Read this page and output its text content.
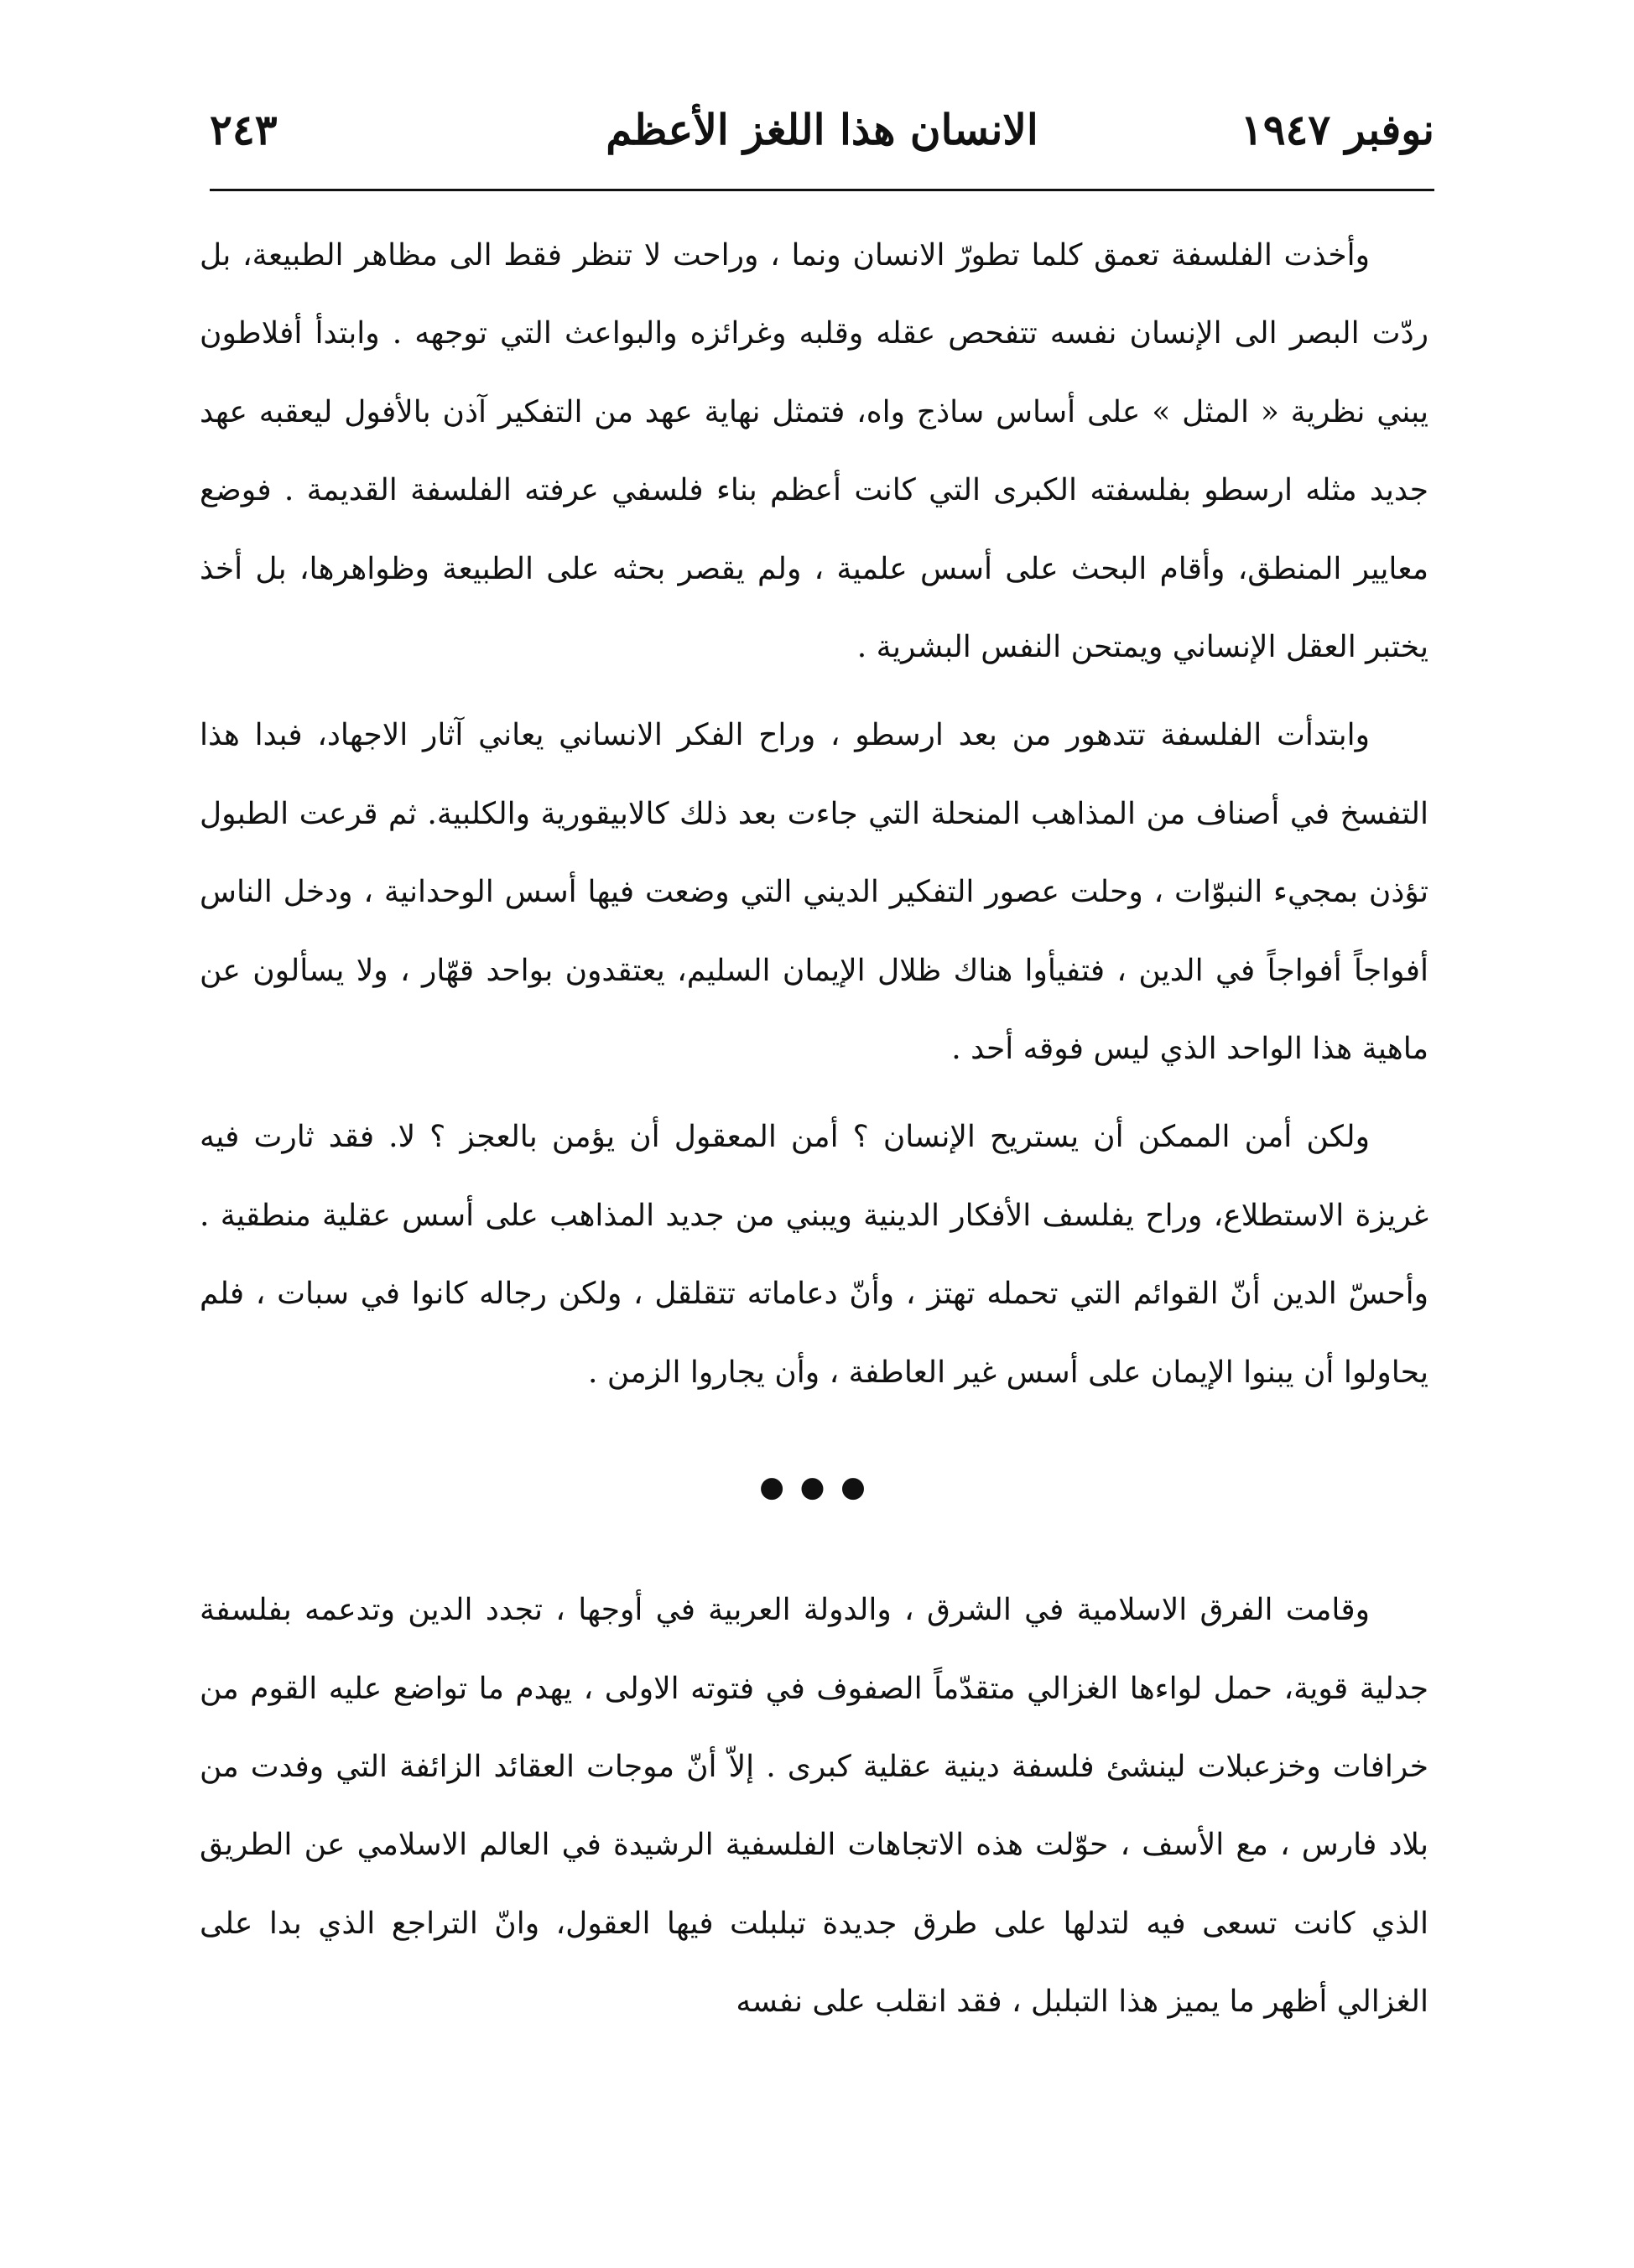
نوفبر ١٩٤٧
الانسان هذا اللغز الأعظم
٢٤٣

وأخذت الفلسفة تعمق كلما تطورّ الانسان ونما ، وراحت لا تنظر فقط الى مظاهر الطبيعة، بل ردّت البصر الى الإنسان نفسه تتفحص عقله وقلبه وغرائزه والبواعث التي توجهه . وابتدأ أفلاطون يبني نظرية « المثل » على أساس ساذج واه، فتمثل نهاية عهد من التفكير آذن بالأفول ليعقبه عهد جديد مثله ارسطو بفلسفته الكبرى التي كانت أعظم بناء فلسفي عرفته الفلسفة القديمة . فوضع معايير المنطق، وأقام البحث على أسس علمية ، ولم يقصر بحثه على الطبيعة وظواهرها، بل أخذ يختبر العقل الإنساني ويمتحن النفس البشرية .

وابتدأت الفلسفة تتدهور من بعد ارسطو ، وراح الفكر الانساني يعاني آثار الاجهاد، فبدا هذا التفسخ في أصناف من المذاهب المنحلة التي جاءت بعد ذلك كالابيقورية والكلبية. ثم قرعت الطبول تؤذن بمجيء النبوّات ، وحلت عصور التفكير الديني التي وضعت فيها أسس الوحدانية ، ودخل الناس أفواجاً أفواجاً في الدين ، فتفيأوا هناك ظلال الإيمان السليم، يعتقدون بواحد قهّار ، ولا يسألون عن ماهية هذا الواحد الذي ليس فوقه أحد .

ولكن أمن الممكن أن يستريح الإنسان ؟ أمن المعقول أن يؤمن بالعجز ؟ لا. فقد ثارت فيه غريزة الاستطلاع، وراح يفلسف الأفكار الدينية ويبني من جديد المذاهب على أسس عقلية منطقية . وأحسّ الدين أنّ القوائم التي تحمله تهتز ، وأنّ دعاماته تتقلقل ، ولكن رجاله كانوا في سبات ، فلم يحاولوا أن يبنوا الإيمان على أسس غير العاطفة ، وأن يجاروا الزمن .

● ● ●

وقامت الفرق الاسلامية في الشرق ، والدولة العربية في أوجها ، تجدد الدين وتدعمه بفلسفة جدلية قوية، حمل لواءها الغزالي متقدّماً الصفوف في فتوته الاولى ، يهدم ما تواضع عليه القوم من خرافات وخزعبلات لينشئ فلسفة دينية عقلية كبرى . إلاّ أنّ موجات العقائد الزائفة التي وفدت من بلاد فارس ، مع الأسف ، حوّلت هذه الاتجاهات الفلسفية الرشيدة في العالم الاسلامي عن الطريق الذي كانت تسعى فيه لتدلها على طرق جديدة تبلبلت فيها العقول، وانّ التراجع الذي بدا على الغزالي أظهر ما يميز هذا التبلبل ، فقد انقلب على نفسه
